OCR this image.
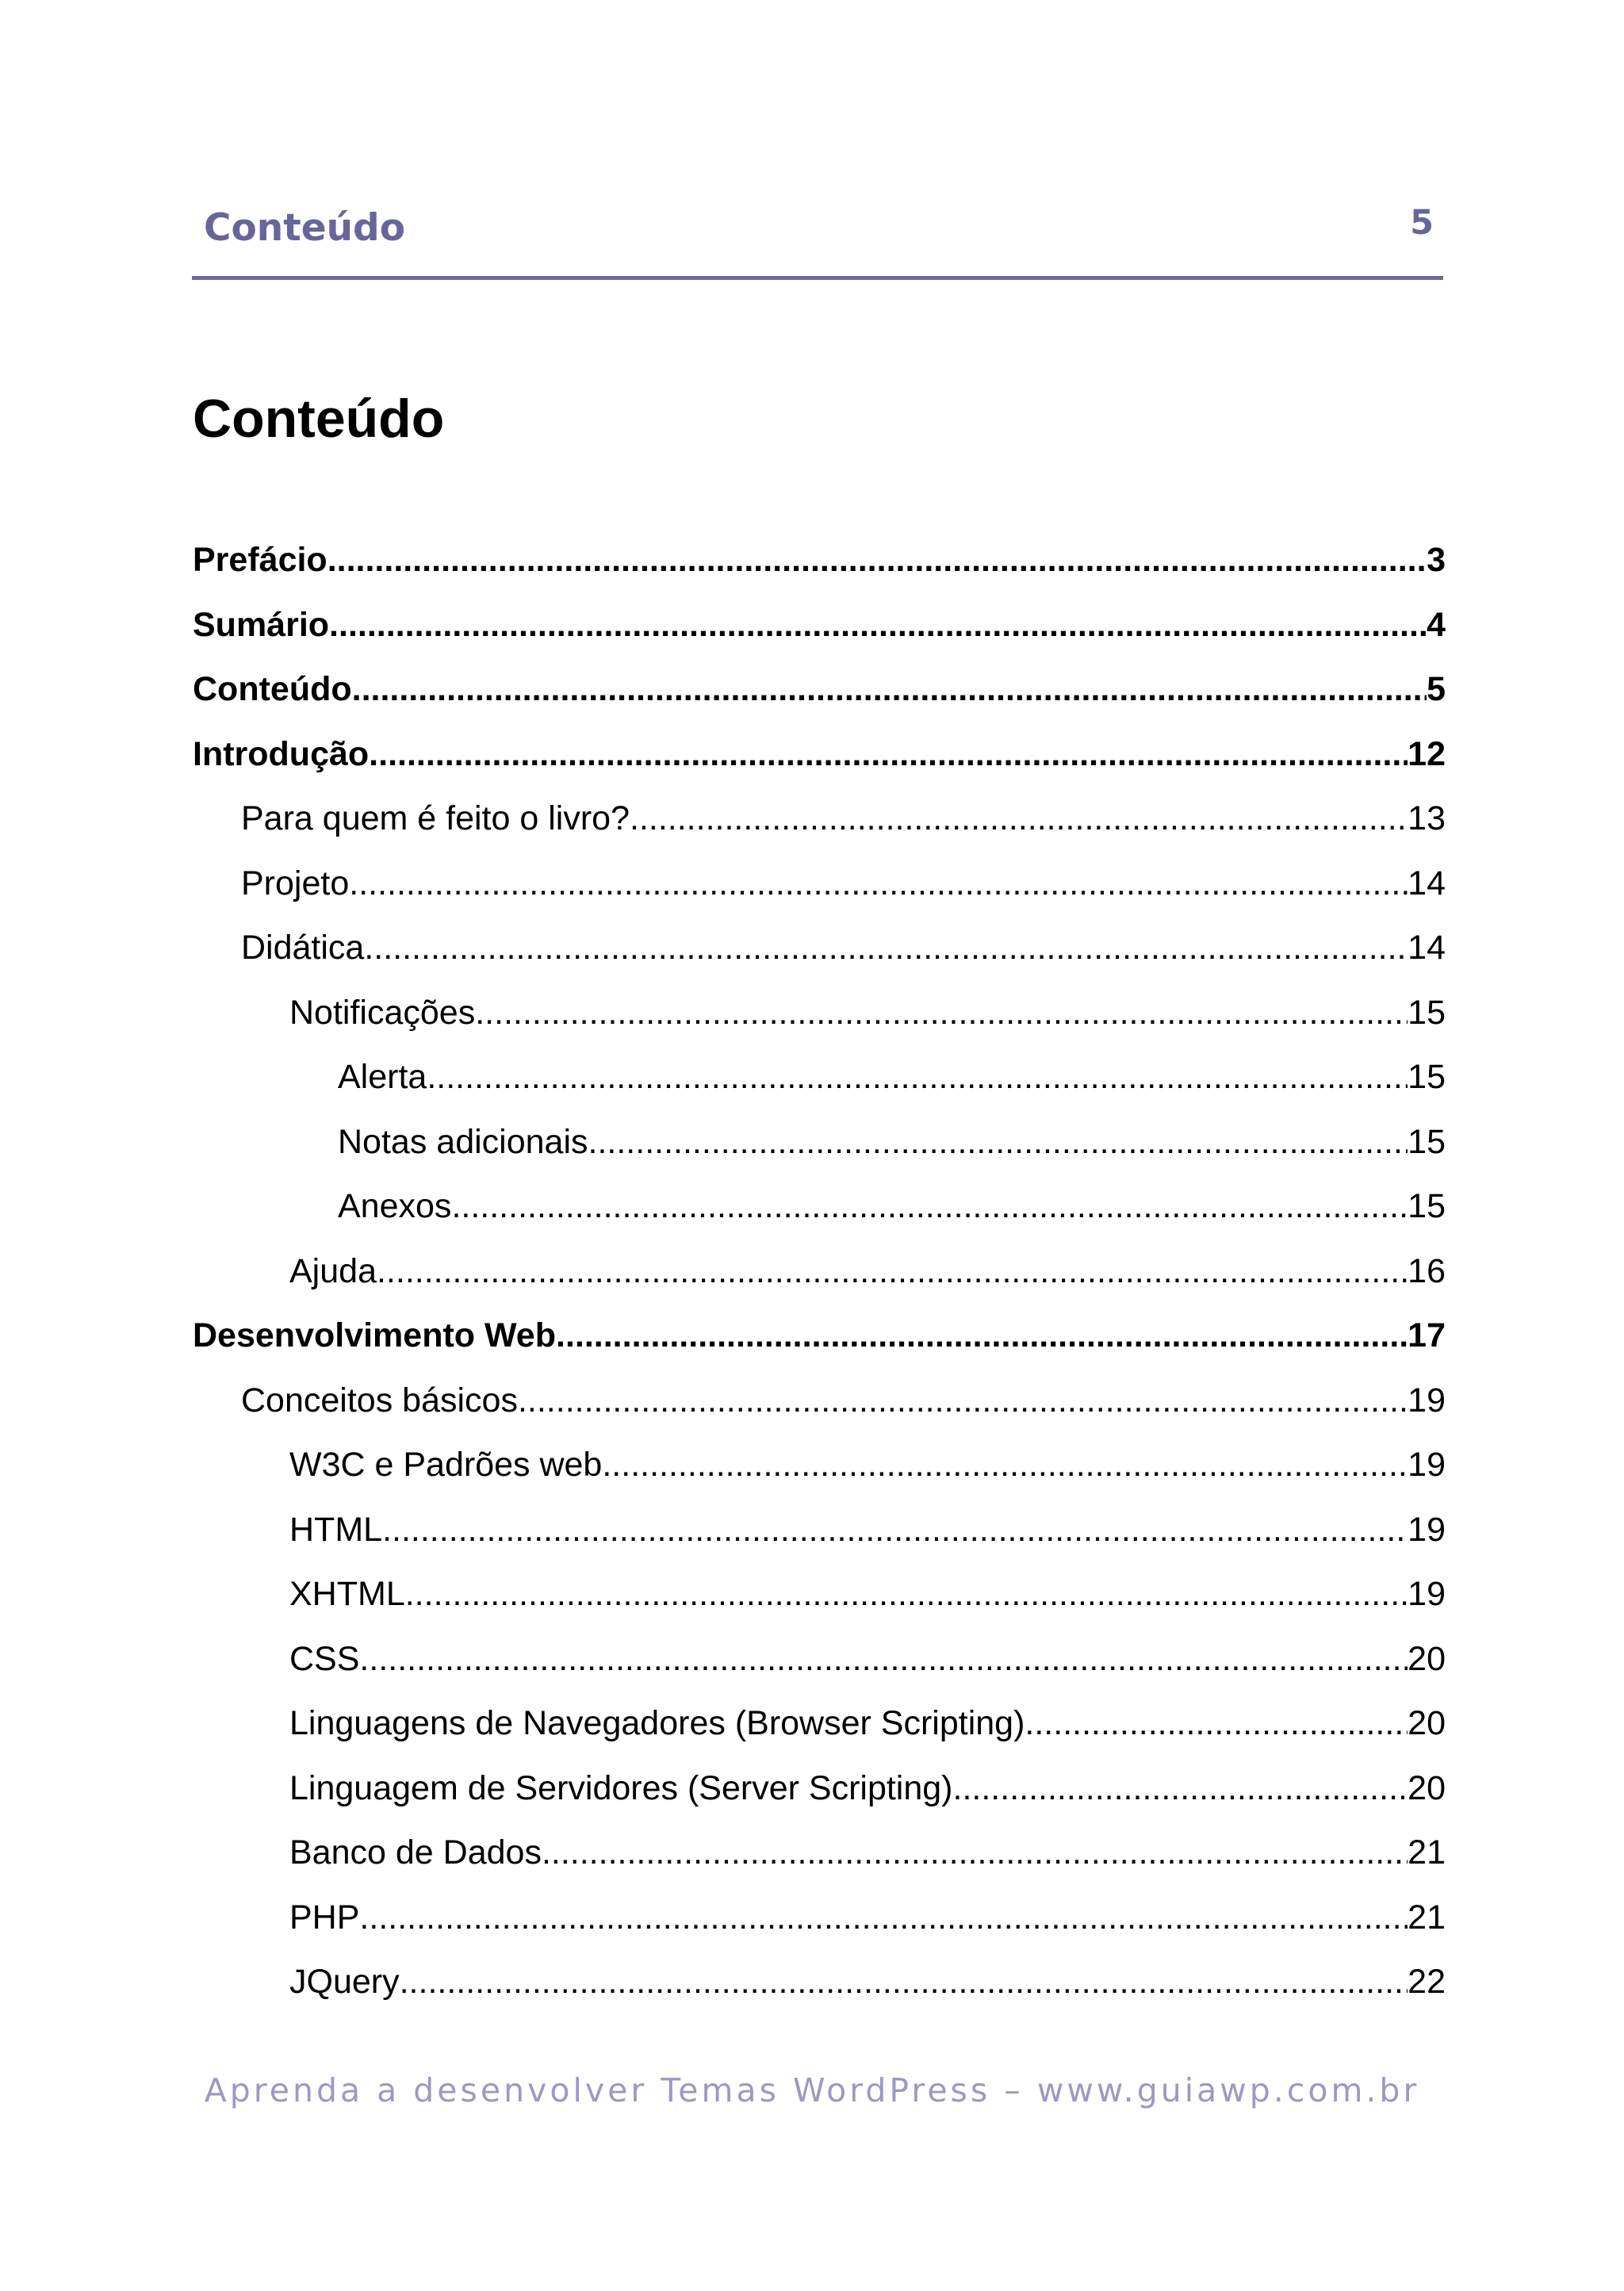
Conteúdo	5
Conteúdo
Prefácio .....	3
Sumário .....	4
Conteúdo .....	5
Introdução .....	12
Para quem é feito o livro? .....	13
Projeto .....	14
Didática .....	14
Notificações .....	15
Alerta .....	15
Notas adicionais .....	15
Anexos .....	15
Ajuda .....	16
Desenvolvimento Web .....	17
Conceitos básicos .....	19
W3C e Padrões web .....	19
HTML .....	19
XHTML .....	19
CSS .....	20
Linguagens de Navegadores (Browser Scripting) .....	20
Linguagem de Servidores (Server Scripting) .....	20
Banco de Dados .....	21
PHP .....	21
JQuery .....	22
Aprenda a desenvolver Temas WordPress – www.guiawp.com.br
